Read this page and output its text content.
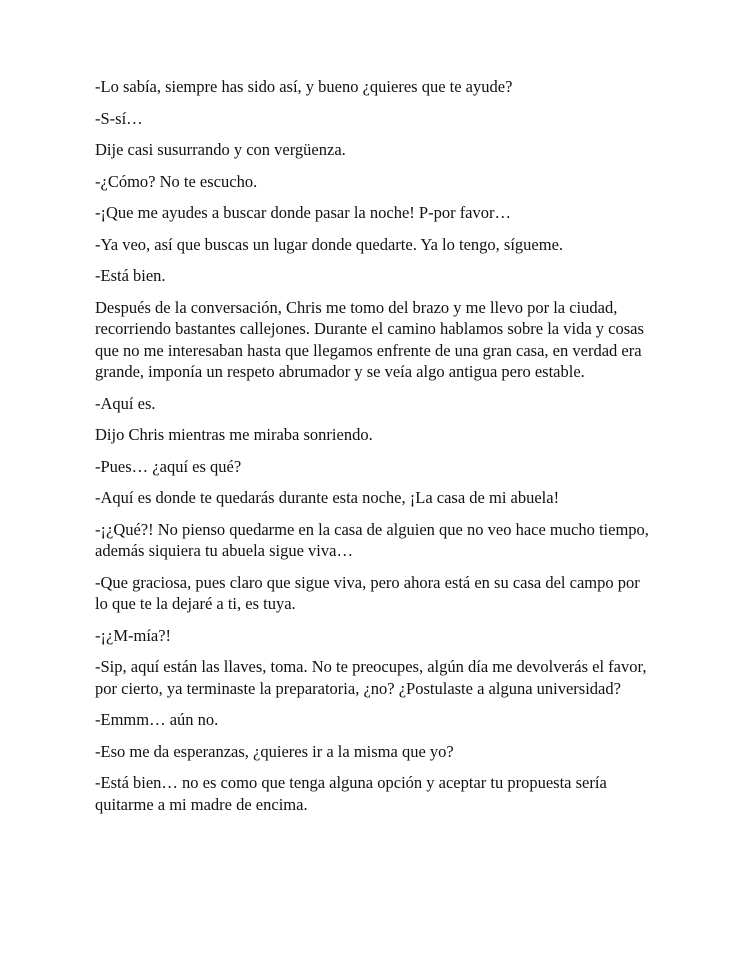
-Lo sabía, siempre has sido así, y bueno ¿quieres que te ayude?

-S-sí…

Dije casi susurrando y con vergüenza.

-¿Cómo? No te escucho.

-¡Que me ayudes a buscar donde pasar la noche! P-por favor…

-Ya veo, así que buscas un lugar donde quedarte. Ya lo tengo, sígueme.

-Está bien.

Después de la conversación, Chris me tomo del brazo y me llevo por la ciudad, recorriendo bastantes callejones. Durante el camino hablamos sobre la vida y cosas que no me interesaban hasta que llegamos enfrente de una gran casa, en verdad era grande, imponía un respeto abrumador y se veía algo antigua pero estable.

-Aquí es.

Dijo Chris mientras me miraba sonriendo.

-Pues… ¿aquí es qué?

-Aquí es donde te quedarás durante esta noche, ¡La casa de mi abuela!

-¡¿Qué?! No pienso quedarme en la casa de alguien que no veo hace mucho tiempo, además siquiera tu abuela sigue viva…

-Que graciosa, pues claro que sigue viva, pero ahora está en su casa del campo por lo que te la dejaré a ti, es tuya.

-¡¿M-mía?!

-Sip, aquí están las llaves, toma. No te preocupes, algún día me devolverás el favor, por cierto, ya terminaste la preparatoria, ¿no? ¿Postulaste a alguna universidad?

-Emmm… aún no.

-Eso me da esperanzas, ¿quieres ir a la misma que yo?

-Está bien… no es como que tenga alguna opción y aceptar tu propuesta sería quitarme a mi madre de encima.
